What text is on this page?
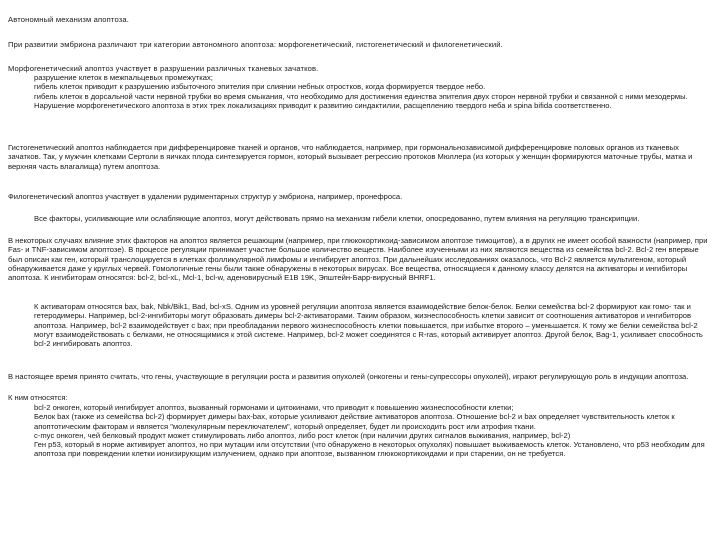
Автономный механизм апоптоза.

При развитии эмбриона различают три категории автономного апоптоза: морфогенетический, гистогенетический и филогенетический.

Морфогенетический апоптоз участвует в разрушении различных тканевых зачатков.

разрушение клеток в межпальцевых промежутках;

гибель клеток приводит к разрушению избыточного эпителия при слиянии небных отростков, когда формируется твердое небо.

гибель клеток в дорсальной части нервной трубки во время смыкания, что необходимо для достижения единства эпителия двух сторон нервной трубки и связанной с ними мезодермы.

Нарушение морфогенетического апоптоза в этих трех локализациях приводит к развитию синдактилии, расщеплению твердого неба и spina bifida соответственно.

Гистогенетический апоптоз наблюдается при дифференцировке тканей и органов, что наблюдается, например, при гормональнозависимой дифференцировке половых органов из тканевых зачатков. Так, у мужчин клетками Сертоли в яичках плода синтезируется гормон, который вызывает регрессию протоков Мюллера (из которых у женщин формируются маточные трубы, матка и верхняя часть влагалища) путем апоптоза.

Филогенетический апоптоз участвует в удалении рудиментарных структур у эмбриона, например, пронефроса.

Все факторы, усиливающие или ослабляющие апоптоз, могут действовать прямо на механизм гибели клетки, опосредованно, путем влияния на регуляцию транскрипции.

В некоторых случаях влияние этих факторов на апоптоз является решающим (например, при глюкокортикоид-зависимом апоптозе тимоцитов), а в других не имеет особой важности (например, при Fas- и TNF-зависимом апоптозе). В процессе регуляции принимает участие большое количество веществ. Наиболее изученными из них являются вещества из семейства bcl-2. Bcl-2 ген впервые был описан как ген, который транслоцируется в клетках фолликулярной лимфомы и ингибирует апоптоз. При дальнейших исследованиях оказалось, что Bcl-2 является мультигеном, который обнаруживается даже у круглых червей. Гомологичные гены были также обнаружены в некоторых вирусах. Все вещества, относящиеся к данному классу делятся на активаторы и ингибиторы апоптоза. К ингибиторам относятся: bcl-2, bcl-xL, Mcl-1, bcl-w, аденовирусный E1B 19K, Эпштейн-Барр-вирусный BHRF1.

К активаторам относятся bax, bak, Nbk/Bik1, Bad, bcl-xS. Одним из уровней регуляции апоптоза является взаимодействие белок-белок. Белки семейства bcl-2 формируют как гомо- так и гетеродимеры. Например, bcl-2-ингибиторы могут образовать димеры bcl-2-активаторами. Таким образом, жизнеспособность клетки зависит от соотношения активаторов и ингибиторов апоптоза. Например, bcl-2 взаимодействует с bax; при преобладании первого жизнеспособность клетки повышается, при избытке второго – уменьшается. К тому же белки семейства bcl-2 могут взаимодействовать с белками, не относящимися к этой системе. Например, bcl-2 может соединятся с R-ras, который активирует апоптоз. Другой белок, Bag-1, усиливает способность bcl-2 ингибировать апоптоз.

В настоящее время принято считать, что гены, участвующие в регуляции роста и развития опухолей (онкогены и гены-супрессоры опухолей), играют регулирующую роль в индукции апоптоза.

К ним относятся:

bcl-2 онкоген, который ингибирует апоптоз, вызванный гормонами и цитокинами, что приводит к повышению жизнеспособности клетки;

Белок bax (также из семейства bcl-2) формирует димеры bax-bax, которые усиливают действие активаторов апоптоза. Отношение bcl-2 и bax определяет чувствительность клеток к апоптотическим факторам и является "молекулярным переключателем", который определяет, будет ли происходить рост или атрофия ткани.

с-myc онкоген, чей белковый продукт может стимулировать либо апоптоз, либо рост клеток (при наличии других сигналов выживания, например, bcl-2)

Ген p53, который в норме активирует апоптоз, но при мутации или отсутствии (что обнаружено в некоторых опухолях) повышает выживаемость клеток. Установлено, что p53 необходим для апоптоза при повреждении клетки ионизирующим излучением, однако при апоптозе, вызванном глюкокортикоидами и при старении, он не требуется.
